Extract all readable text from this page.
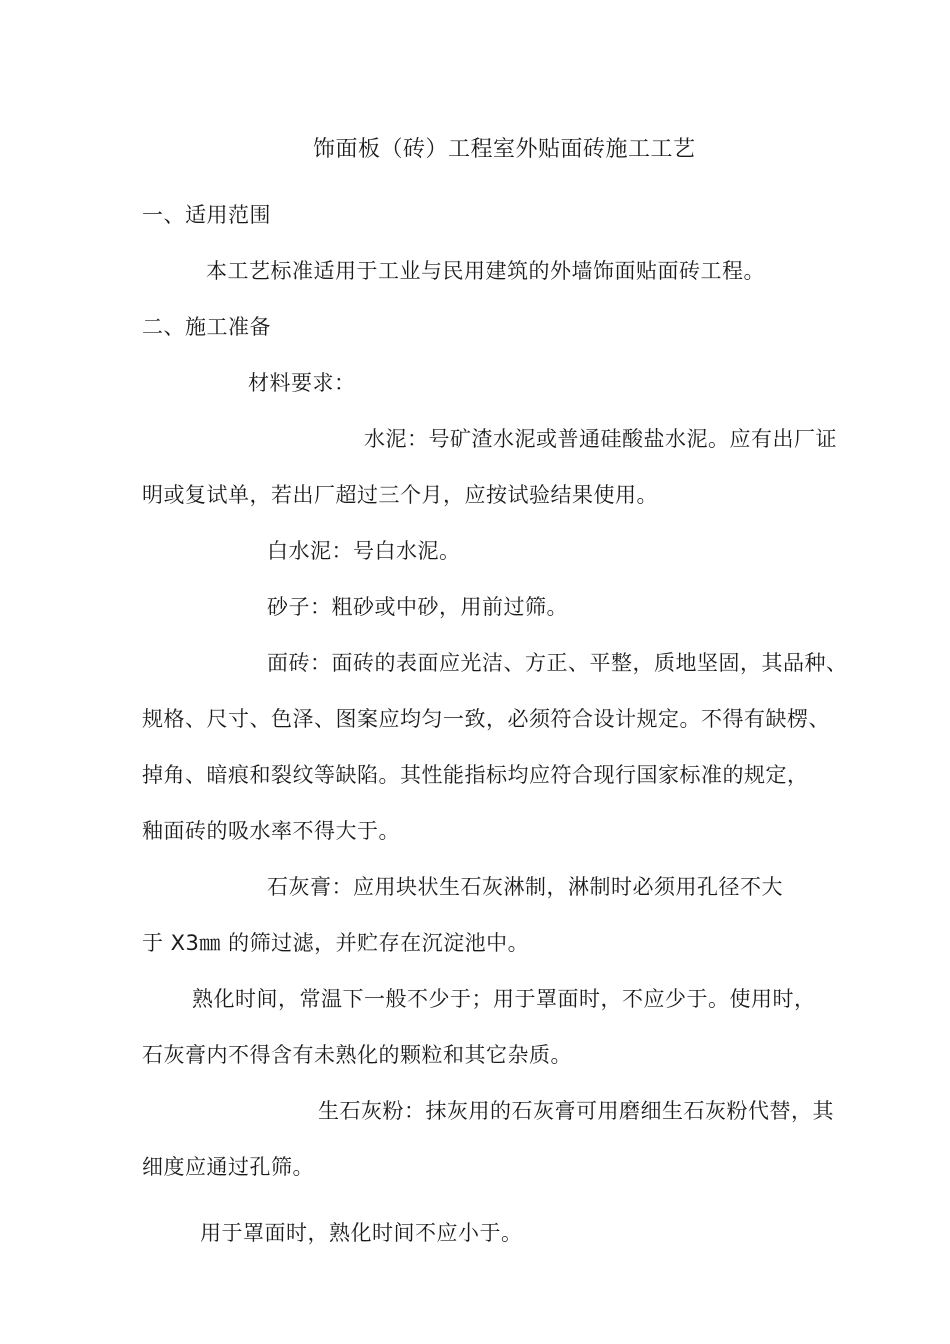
饰面板（砖）工程室外贴面砖施工工艺
一、适用范围
本工艺标准适用于工业与民用建筑的外墙饰面贴面砖工程。
二、施工准备
材料要求：
水泥：号矿渣水泥或普通硅酸盐水泥。应有出厂证
明或复试单，若出厂超过三个月，应按试验结果使用。
白水泥：号白水泥。
砂子：粗砂或中砂，用前过筛。
面砖：面砖的表面应光洁、方正、平整，质地坚固，其品种、
规格、尺寸、色泽、图案应均匀一致，必须符合设计规定。不得有缺楞、
掉角、暗痕和裂纹等缺陷。其性能指标均应符合现行国家标准的规定，
釉面砖的吸水率不得大于。
石灰膏：应用块状生石灰淋制，淋制时必须用孔径不大
于 X3㎜ 的筛过滤，并贮存在沉淀池中。
熟化时间，常温下一般不少于；用于罩面时，不应少于。使用时，
石灰膏内不得含有未熟化的颗粒和其它杂质。
生石灰粉：抹灰用的石灰膏可用磨细生石灰粉代替，其
细度应通过孔筛。
用于罩面时，熟化时间不应小于。
